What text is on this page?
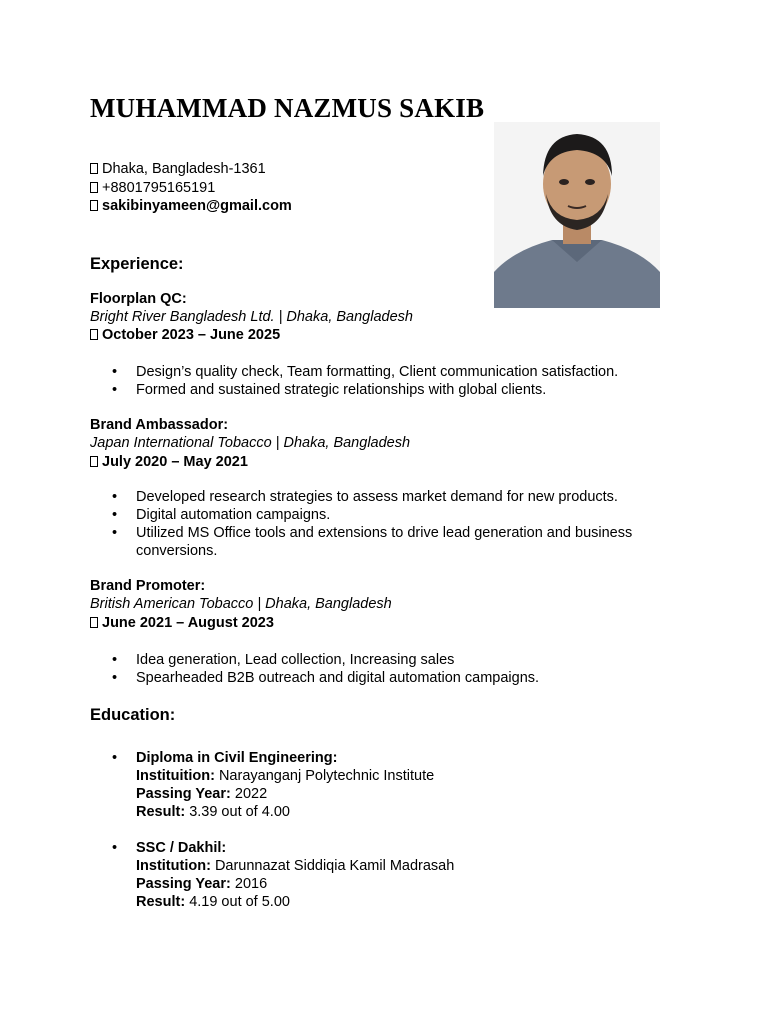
MUHAMMAD NAZMUS SAKIB
Dhaka, Bangladesh-1361
+8801795165191
sakibinyameen@gmail.com
Experience:
Floorplan QC:
Bright River Bangladesh Ltd. | Dhaka, Bangladesh
October 2023 – June 2025
• Design’s quality check, Team formatting, Client communication satisfaction.
• Formed and sustained strategic relationships with global clients.
Brand Ambassador:
Japan International Tobacco | Dhaka, Bangladesh
July 2020 – May 2021
• Developed research strategies to assess market demand for new products.
• Digital automation campaigns.
• Utilized MS Office tools and extensions to drive lead generation and business conversions.
Brand Promoter:
British American Tobacco | Dhaka, Bangladesh
June 2021 – August 2023
• Idea generation, Lead collection, Increasing sales
• Spearheaded B2B outreach and digital automation campaigns.
Education:
• Diploma in Civil Engineering:
Instituition: Narayanganj Polytechnic Institute
Passing Year: 2022
Result: 3.39 out of 4.00
• SSC / Dakhil:
Institution: Darunnazat Siddiqia Kamil Madrasah
Passing Year: 2016
Result: 4.19 out of 5.00
